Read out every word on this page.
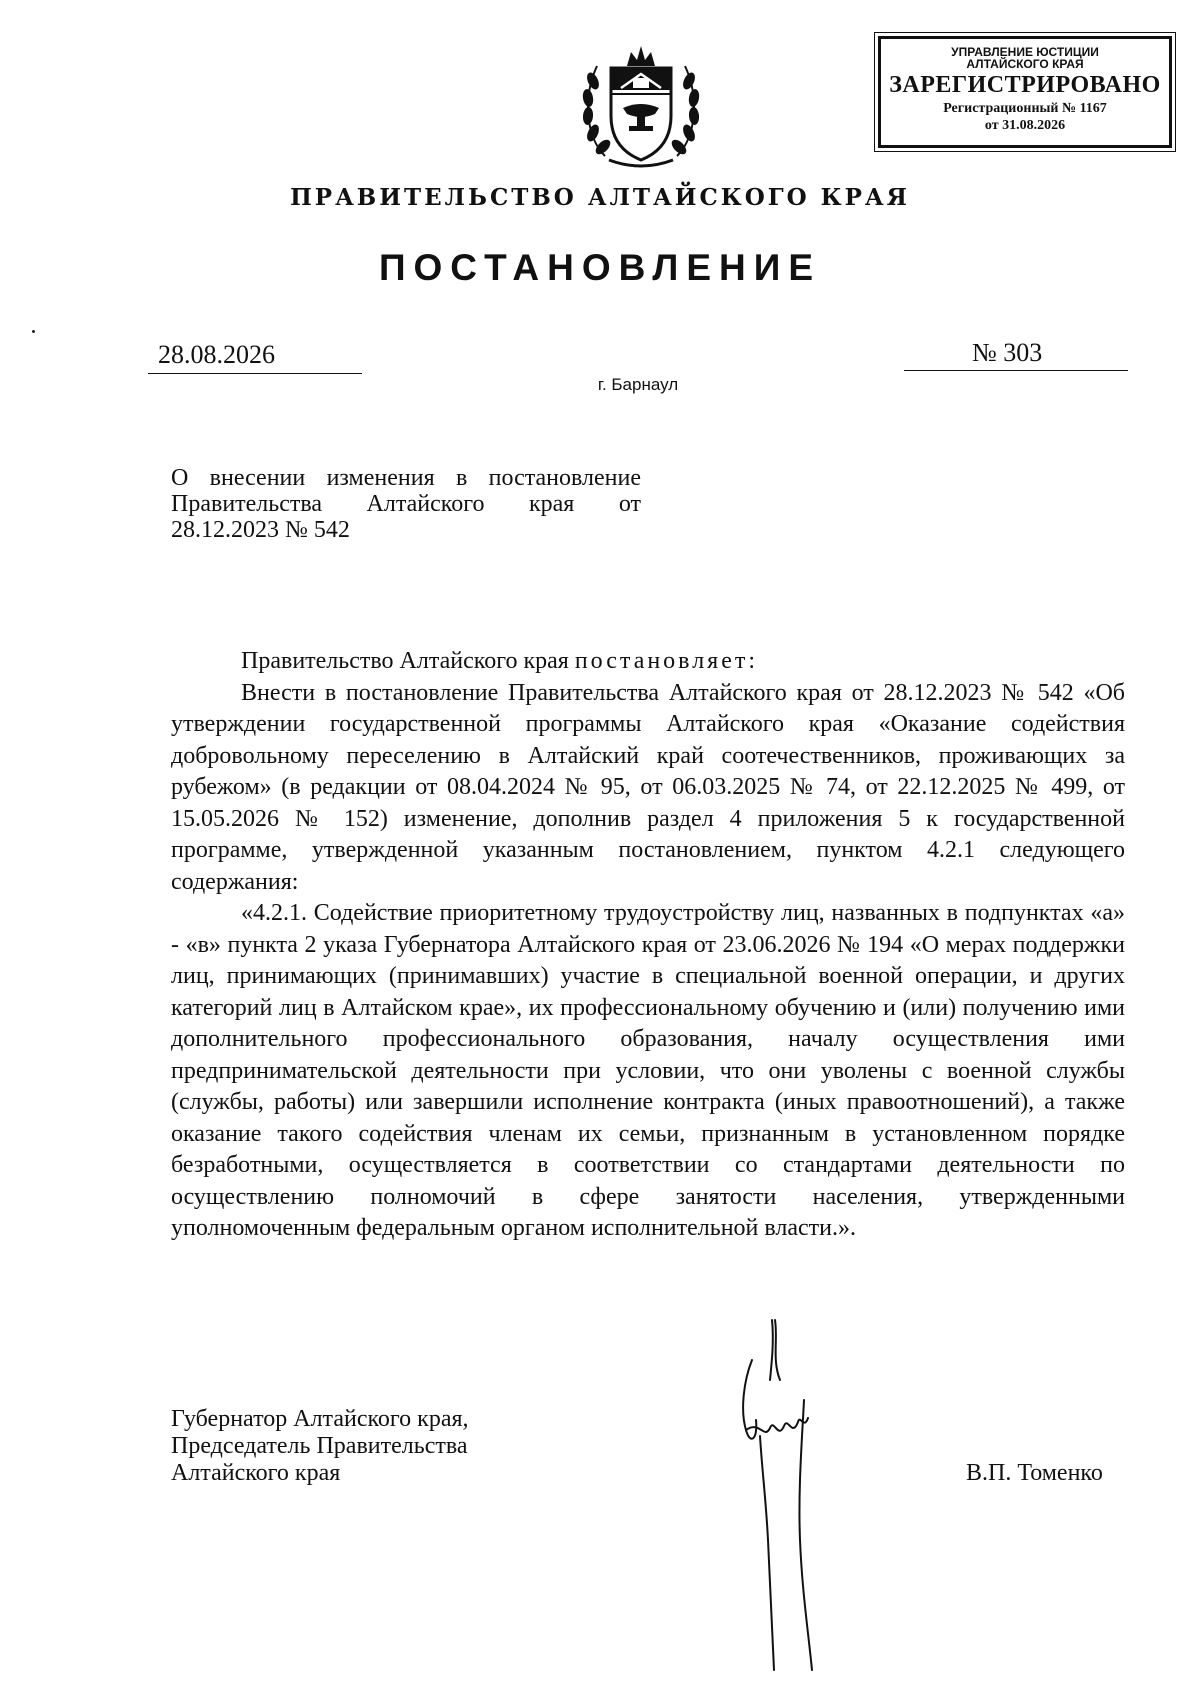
УПРАВЛЕНИЕ ЮСТИЦИИ
АЛТАЙСКОГО КРАЯ
ЗАРЕГИСТРИРОВАНО
Регистрационный № 1167
от 31.08.2026
ПРАВИТЕЛЬСТВО АЛТАЙСКОГО КРАЯ
ПОСТАНОВЛЕНИЕ
28.08.2026	№ 303
г. Барнаул
О внесении изменения в постановление
Правительства Алтайского края от
28.12.2023 № 542

Правительство Алтайского края постановляет:

Внести в постановление Правительства Алтайского края от 28.12.2023 № 542 «Об утверждении государственной программы Алтайского края «Оказание содействия добровольному переселению в Алтайский край соотечественников, проживающих за рубежом» (в редакции от 08.04.2024 № 95, от 06.03.2025 № 74, от 22.12.2025 № 499, от 15.05.2026 № 152) изменение, дополнив раздел 4 приложения 5 к государственной программе, утвержденной указанным постановлением, пунктом 4.2.1 следующего содержания:

«4.2.1. Содействие приоритетному трудоустройству лиц, названных в подпунктах «а» - «в» пункта 2 указа Губернатора Алтайского края от 23.06.2026 № 194 «О мерах поддержки лиц, принимающих (принимавших) участие в специальной военной операции, и других категорий лиц в Алтайском крае», их профессиональному обучению и (или) получению ими дополнительного профессионального образования, началу осуществления ими предпринимательской деятельности при условии, что они уволены с военной службы (службы, работы) или завершили исполнение контракта (иных правоотношений), а также оказание такого содействия членам их семьи, признанным в установленном порядке безработными, осуществляется в соответствии со стандартами деятельности по осуществлению полномочий в сфере занятости населения, утвержденными уполномоченным федеральным органом исполнительной власти.».

Губернатор Алтайского края,
Председатель Правительства
Алтайского края	В.П. Томенко
